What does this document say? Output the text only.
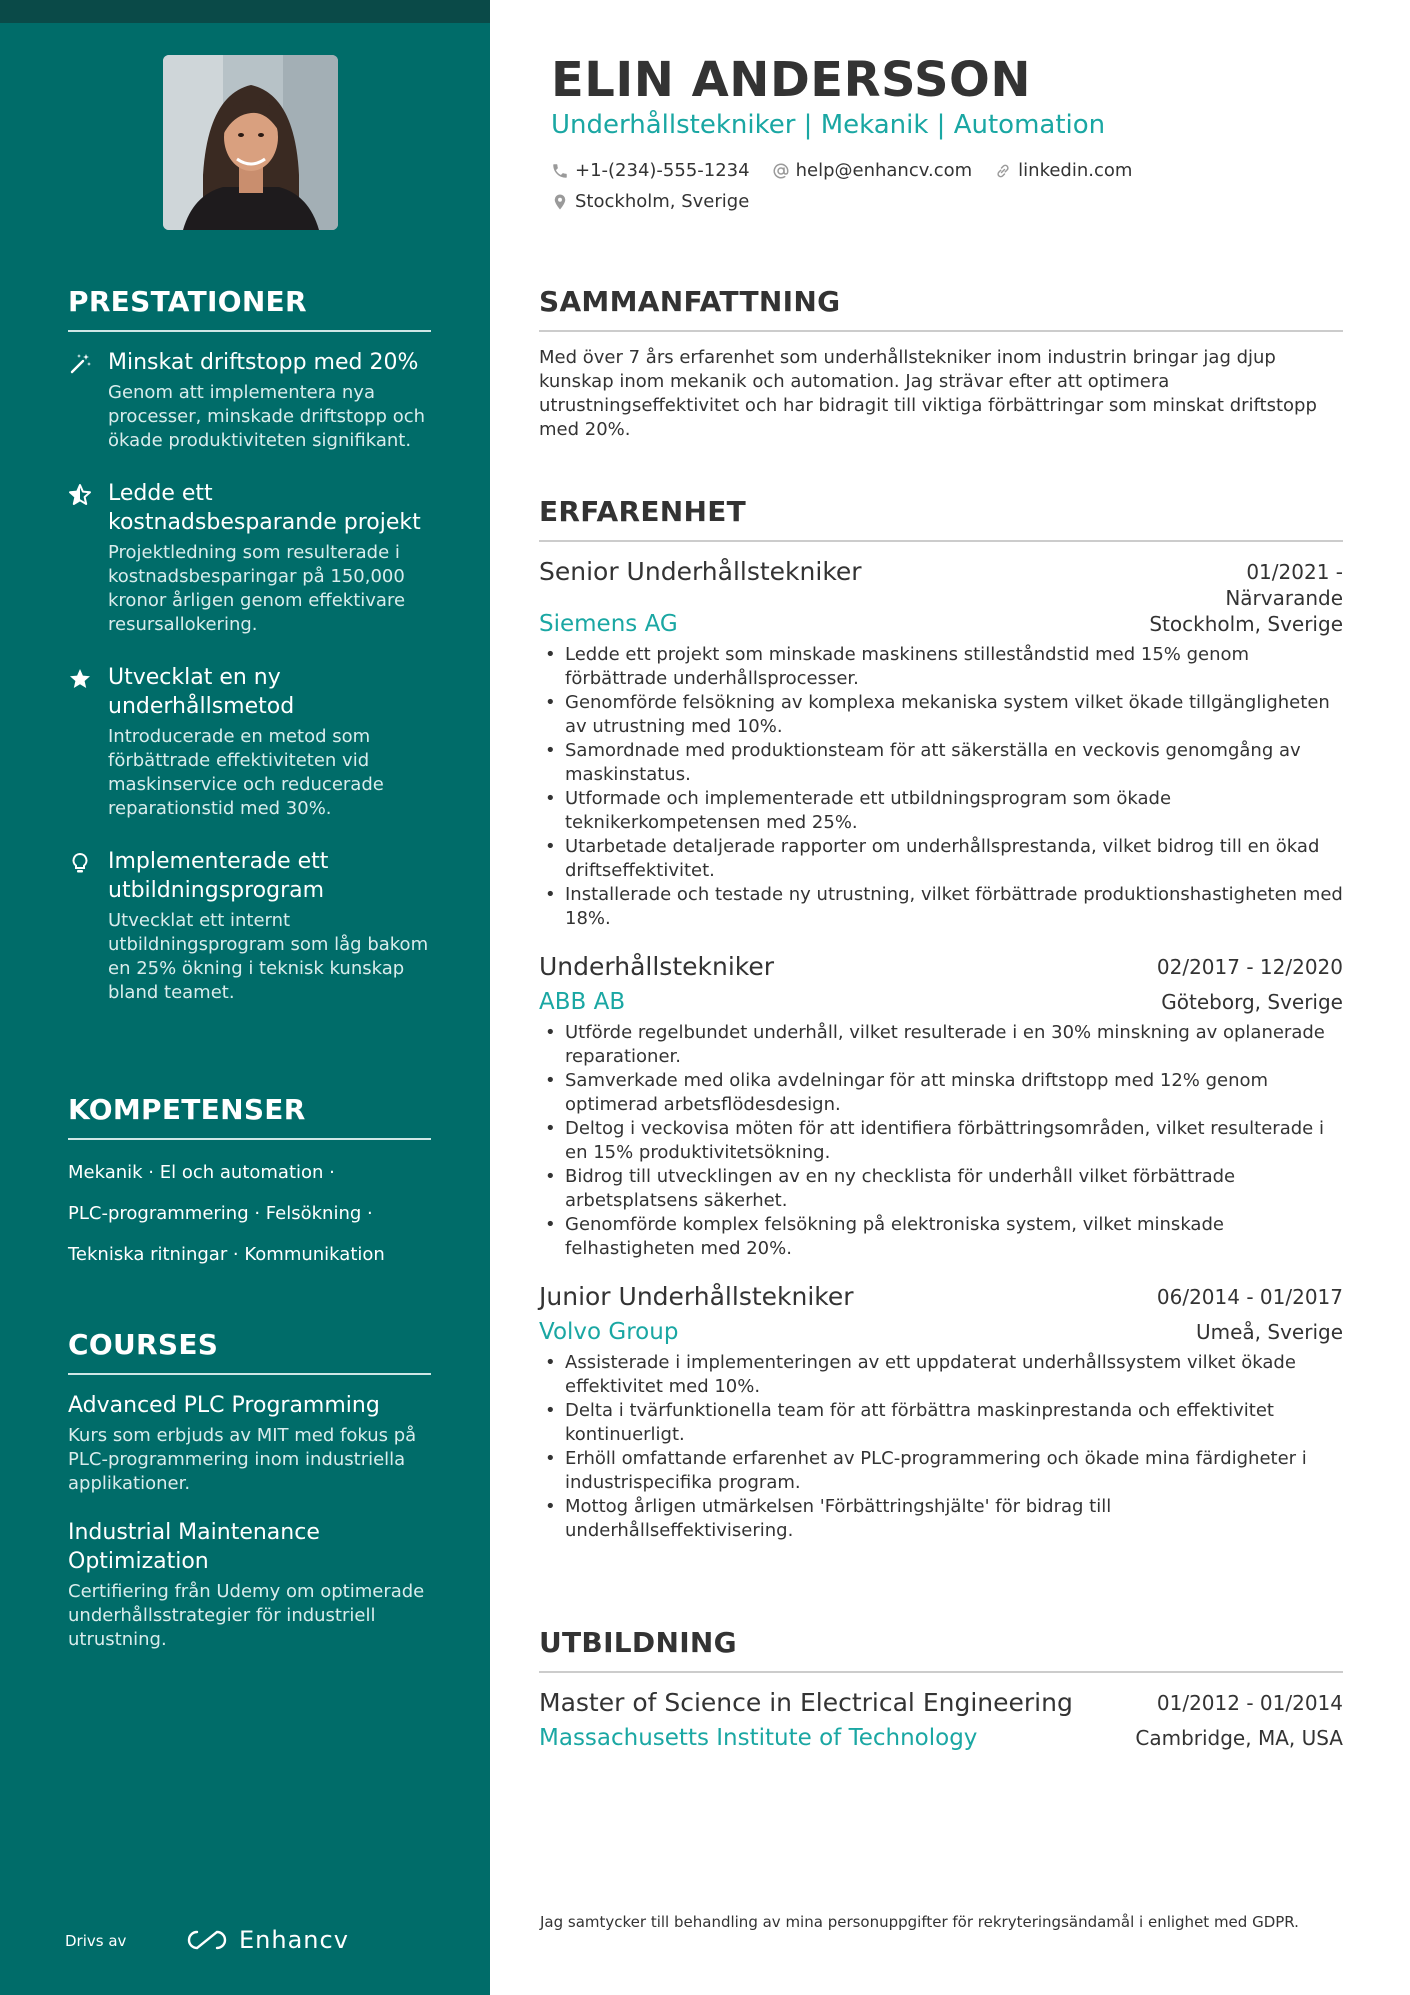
PRESTATIONER
Minskat driftstopp med 20%
Genom att implementera nya processer, minskade driftstopp och ökade produktiviteten signifikant.
Ledde ett kostnadsbesparande projekt
Projektledning som resulterade i kostnadsbesparingar på 150,000 kronor årligen genom effektivare resursallokering.
Utvecklat en ny underhållsmetod
Introducerade en metod som förbättrade effektiviteten vid maskinservice och reducerade reparationstid med 30%.
Implementerade ett utbildningsprogram
Utvecklat ett internt utbildningsprogram som låg bakom en 25% ökning i teknisk kunskap bland teamet.
KOMPETENSER
Mekanik · El och automation ·
PLC-programmering · Felsökning ·
Tekniska ritningar · Kommunikation
COURSES
Advanced PLC Programming
Kurs som erbjuds av MIT med fokus på PLC-programmering inom industriella applikationer.
Industrial Maintenance Optimization
Certifiering från Udemy om optimerade underhållsstrategier för industriell utrustning.
Drivs av	Enhancv
ELIN ANDERSSON
Underhållstekniker | Mekanik | Automation
+1-(234)-555-1234	help@enhancv.com	linkedin.com
Stockholm, Sverige
SAMMANFATTNING

Med över 7 års erfarenhet som underhållstekniker inom industrin bringar jag djup kunskap inom mekanik och automation. Jag strävar efter att optimera utrustningseffektivitet och har bidragit till viktiga förbättringar som minskat driftstopp med 20%.

ERFARENHET
Senior Underhållstekniker	01/2021 -
Närvarande
Siemens AG	Stockholm, Sverige
• Ledde ett projekt som minskade maskinens stilleståndstid med 15% genom förbättrade underhållsprocesser.
• Genomförde felsökning av komplexa mekaniska system vilket ökade tillgängligheten av utrustning med 10%.
• Samordnade med produktionsteam för att säkerställa en veckovis genomgång av maskinstatus.
• Utformade och implementerade ett utbildningsprogram som ökade teknikerkompetensen med 25%.
• Utarbetade detaljerade rapporter om underhållsprestanda, vilket bidrog till en ökad driftseffektivitet.
• Installerade och testade ny utrustning, vilket förbättrade produktionshastigheten med 18%.
Underhållstekniker	02/2017 - 12/2020
ABB AB	Göteborg, Sverige
• Utförde regelbundet underhåll, vilket resulterade i en 30% minskning av oplanerade reparationer.
• Samverkade med olika avdelningar för att minska driftstopp med 12% genom optimerad arbetsflödesdesign.
• Deltog i veckovisa möten för att identifiera förbättringsområden, vilket resulterade i en 15% produktivitetsökning.
• Bidrog till utvecklingen av en ny checklista för underhåll vilket förbättrade arbetsplatsens säkerhet.
• Genomförde komplex felsökning på elektroniska system, vilket minskade felhastigheten med 20%.
Junior Underhållstekniker	06/2014 - 01/2017
Volvo Group	Umeå, Sverige
• Assisterade i implementeringen av ett uppdaterat underhållssystem vilket ökade effektivitet med 10%.
• Delta i tvärfunktionella team för att förbättra maskinprestanda och effektivitet kontinuerligt.
• Erhöll omfattande erfarenhet av PLC-programmering och ökade mina färdigheter i industrispecifika program.
• Mottog årligen utmärkelsen 'Förbättringshjälte' för bidrag till underhållseffektivisering.
UTBILDNING
Master of Science in Electrical Engineering	01/2012 - 01/2014
Massachusetts Institute of Technology	Cambridge, MA, USA
Jag samtycker till behandling av mina personuppgifter för rekryteringsändamål i enlighet med GDPR.
